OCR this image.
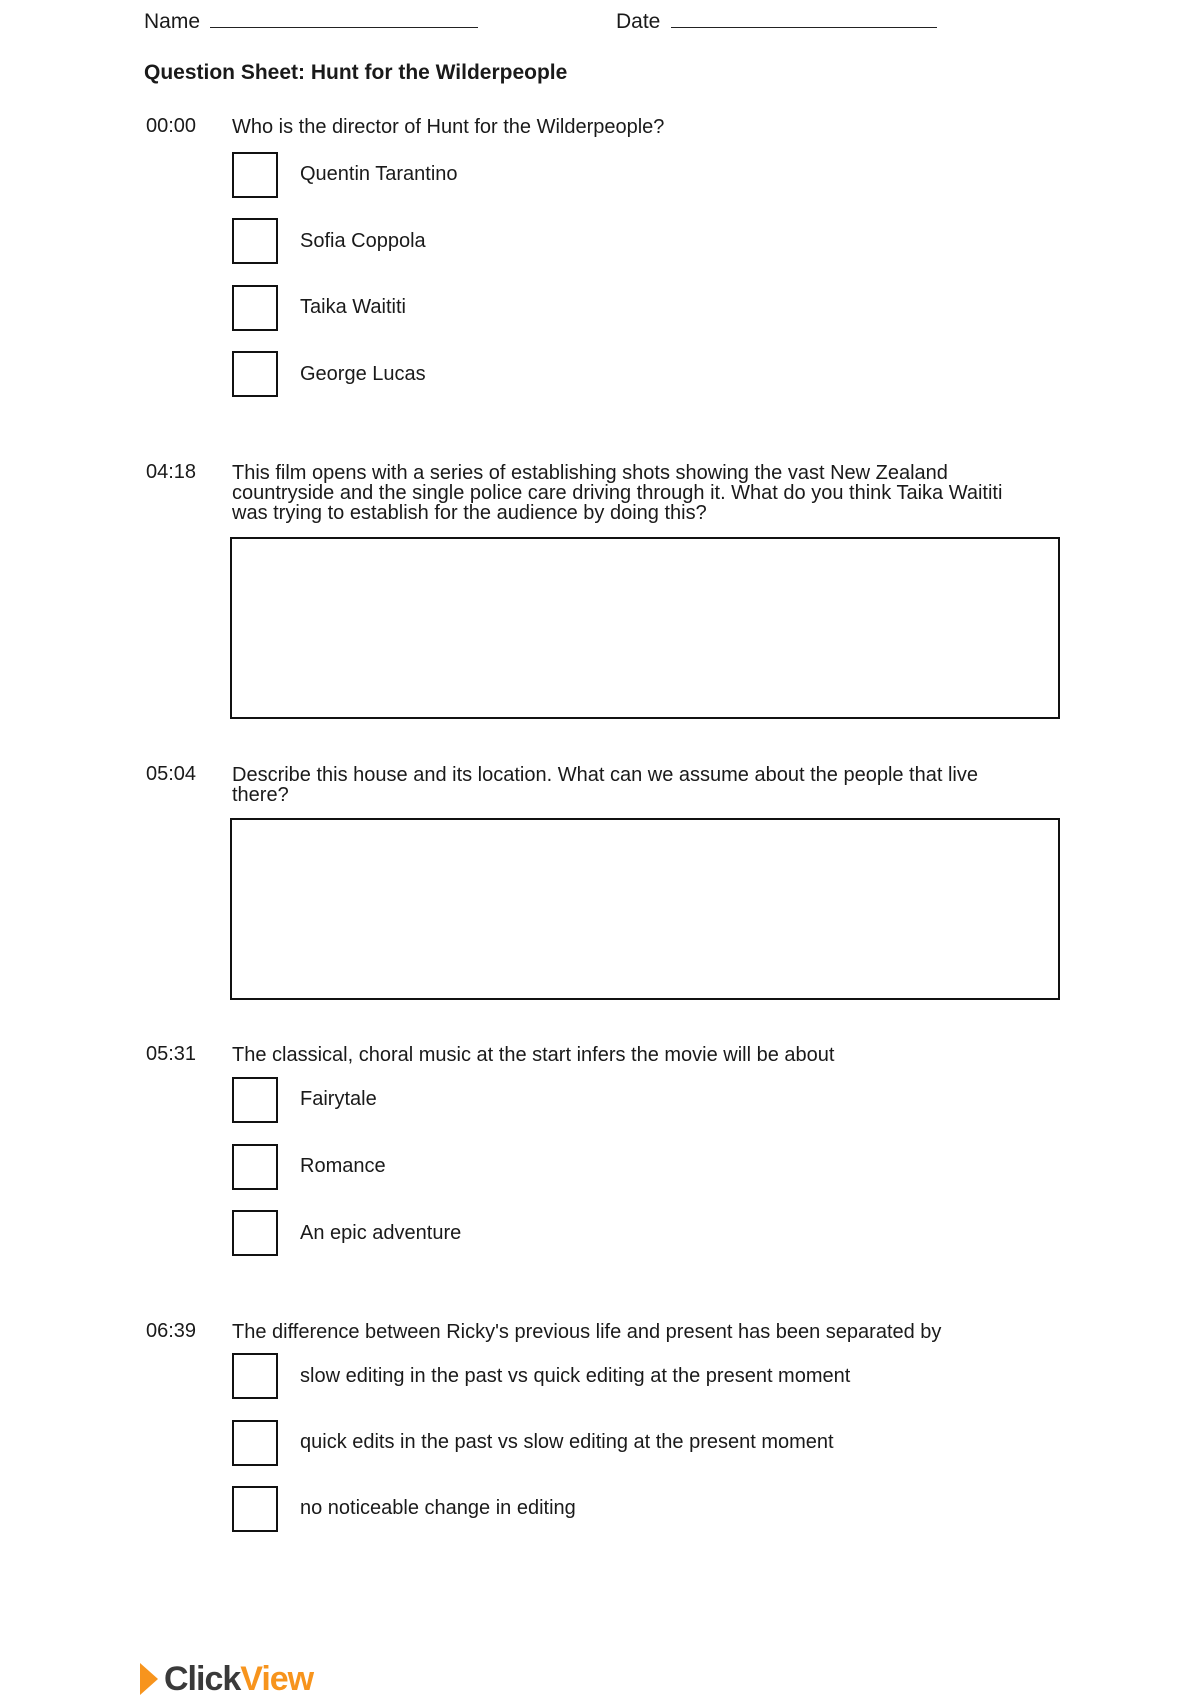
Name	Date
Question Sheet: Hunt for the Wilderpeople
00:00 Who is the director of Hunt for the Wilderpeople?
Quentin Tarantino
Sofia Coppola
Taika Waititi
George Lucas
04:18 This film opens with a series of establishing shots showing the vast New Zealand
countryside and the single police care driving through it. What do you think Taika Waititi
was trying to establish for the audience by doing this?
05:04 Describe this house and its location. What can we assume about the people that live
there?
05:31 The classical, choral music at the start infers the movie will be about
Fairytale
Romance
An epic adventure
06:39 The difference between Ricky's previous life and present has been separated by
slow editing in the past vs quick editing at the present moment
quick edits in the past vs slow editing at the present moment
no noticeable change in editing
ClickView
